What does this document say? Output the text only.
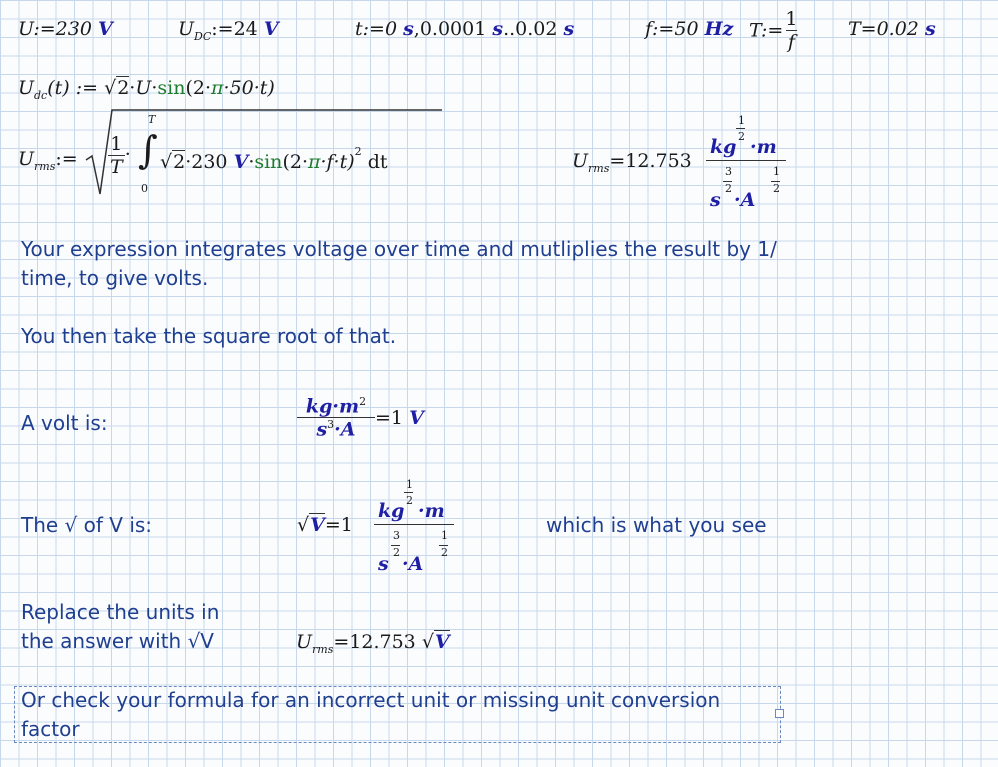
U:=230 V	$U_{DC}:=24$ V	t:=0 s,0.0001 s..0.02 s	f:=50 Hz T:= $\frac{1}{f}$	T=0.02 s
$U_{dc}(t)$ := √2·U·sin(2·π·50·t)
$U_{rms}:= \frac{1}{T}$ ·
T
∫
0
√2·230 $V\cdot\sin(2\cdot\pi\cdot f\cdot t)^2$ dt	$U_{rms}=12.753$
kg
1
2 ·m
3
2
s ·A
1
2
Your expression integrates voltage over time and mutliplies the result by 1/ time, to give volts.
You then take the square root of that.
A volt is:	$\frac{kg\cdot m^2}{s^3\cdot A} =1$ V
The √ of V is:	√V=1
kg
1
2 ·m
3
2
s ·A
1
2
which is what you see
Replace the units in
the answer with √V	$U_{rms}=12.753$ √V
Or check your formula for an incorrect unit or missing unit conversion
factor
